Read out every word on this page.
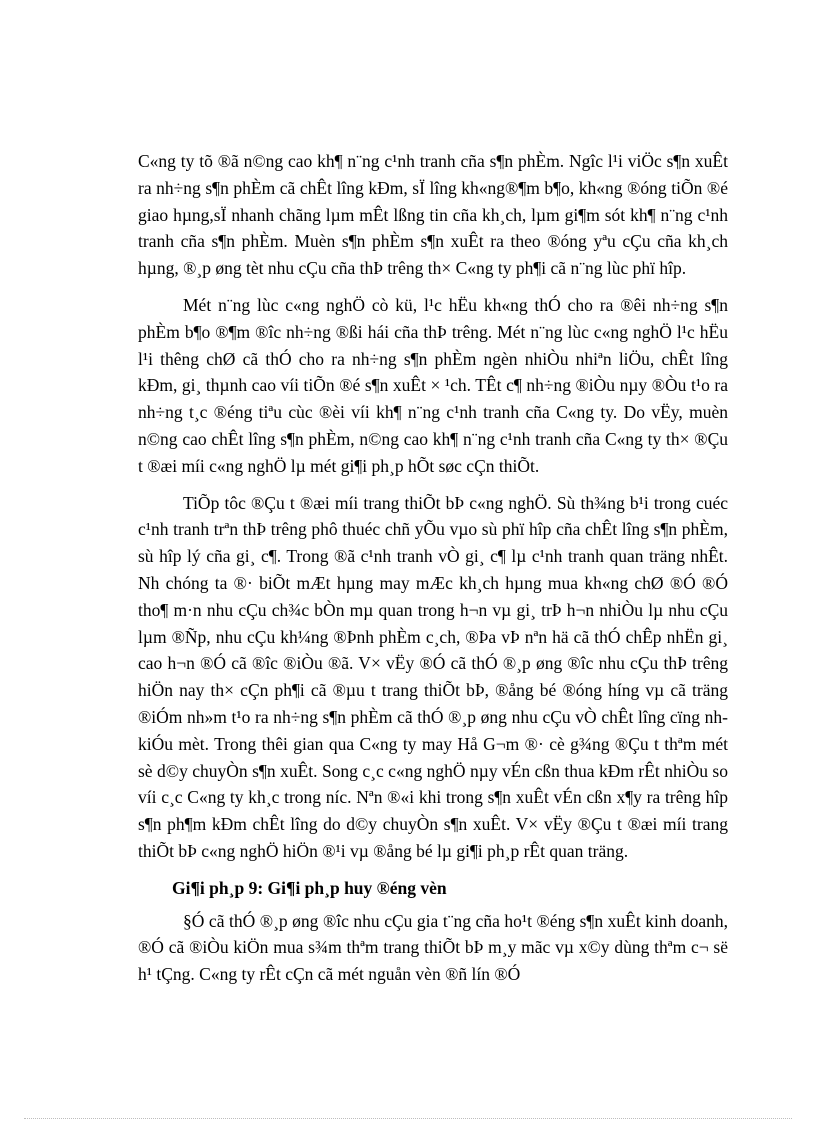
C«ng ty tõ ®ã n©ng cao kh¶ n¨ng c¹nh tranh cña s¶n phÈm. Ngîc l¹i viÖc s¶n xuÊt ra nh÷ng s¶n phÈm cã chÊt lîng kÐm, sÏ lîng kh«ng®¶m b¶o, kh«ng ®óng tiÕn ®é giao hµng,sÏ nhanh chãng lµm mÊt lßng tin cña kh¸ch, lµm gi¶m sót kh¶ n¨ng c¹nh tranh cña s¶n phÈm. Muèn s¶n phÈm s¶n xuÊt ra theo ®óng yªu cÇu cña kh¸ch hµng, ®¸p øng tèt nhu cÇu cña thÞ trêng th× C«ng ty ph¶i cã n¨ng lùc phï hîp.

Mét n¨ng lùc c«ng nghÖ cò kü, l¹c hËu kh«ng thÓ cho ra ®êi nh÷ng s¶n phÈm b¶o ®¶m ®îc nh÷ng ®ßi hái cña thÞ trêng. Mét n¨ng lùc c«ng nghÖ l¹c hËu l¹i thêng chØ cã thÓ cho ra nh÷ng s¶n phÈm ngèn nhiÒu nhiªn liÖu, chÊt lîng kÐm, gi¸ thµnh cao víi tiÕn ®é s¶n xuÊt × ¹ch. TÊt c¶ nh÷ng ®iÒu nµy ®Òu t¹o ra nh÷ng t¸c ®éng tiªu cùc ®èi víi kh¶ n¨ng c¹nh tranh cña C«ng ty. Do vËy, muèn n©ng cao chÊt lîng s¶n phÈm, n©ng cao kh¶ n¨ng c¹nh tranh cña C«ng ty th× ®Çu t ®æi míi c«ng nghÖ lµ mét gi¶i ph¸p hÕt søc cÇn thiÕt.

TiÕp tôc ®Çu t ®æi míi trang thiÕt bÞ c«ng nghÖ. Sù th¾ng b¹i trong cuéc c¹nh tranh trªn thÞ trêng phô thuéc chñ yÕu vµo sù phï hîp cña chÊt lîng s¶n phÈm, sù hîp lý cña gi¸ c¶. Trong ®ã c¹nh tranh vÒ gi¸ c¶ lµ c¹nh tranh quan träng nhÊt. Nh chóng ta ®· biÕt mÆt hµng may mÆc kh¸ch hµng mua kh«ng chØ ®Ó ®Ó tho¶ m·n nhu cÇu ch¾c bÒn mµ quan trong h¬n vµ gi¸ trÞ h¬n nhiÒu lµ nhu cÇu lµm ®Ñp, nhu cÇu kh¼ng ®Þnh phÈm c¸ch, ®Þa vÞ nªn hä cã thÓ chÊp nhËn gi¸ cao h¬n ®Ó cã ®îc ®iÒu ®ã. V× vËy ®Ó cã thÓ ®¸p øng ®îc nhu cÇu thÞ trêng hiÖn nay th× cÇn ph¶i cã ®µu t trang thiÕt bÞ, ®ång bé ®óng híng vµ cã träng ®iÓm nh»m t¹o ra nh÷ng s¶n phÈm cã thÓ ®¸p øng nhu cÇu vÒ chÊt lîng cïng nh kiÓu mèt. Trong thêi gian qua C«ng ty may Hå G¬m ®· cè g¾ng ®Çu t thªm mét sè d©y chuyÒn s¶n xuÊt. Song c¸c c«ng nghÖ nµy vÉn cßn thua kÐm rÊt nhiÒu so víi c¸c C«ng ty kh¸c trong níc. Nªn ®«i khi trong s¶n xuÊt vÉn cßn x¶y ra trêng hîp s¶n ph¶m kÐm chÊt lîng do d©y chuyÒn s¶n xuÊt. V× vËy ®Çu t ®æi míi trang thiÕt bÞ c«ng nghÖ hiÖn ®¹i vµ ®ång bé lµ gi¶i ph¸p rÊt quan träng.

Gi¶i ph¸p 9: Gi¶i ph¸p huy ®éng vèn

§Ó cã thÓ ®¸p øng ®îc nhu cÇu gia t¨ng cña ho¹t ®éng s¶n xuÊt kinh doanh, ®Ó cã ®iÒu kiÖn mua s¾m thªm trang thiÕt bÞ m¸y mãc vµ x©y dùng thªm c¬ së h¹ tÇng. C«ng ty rÊt cÇn cã mét nguån vèn ®ñ lín ®Ó
